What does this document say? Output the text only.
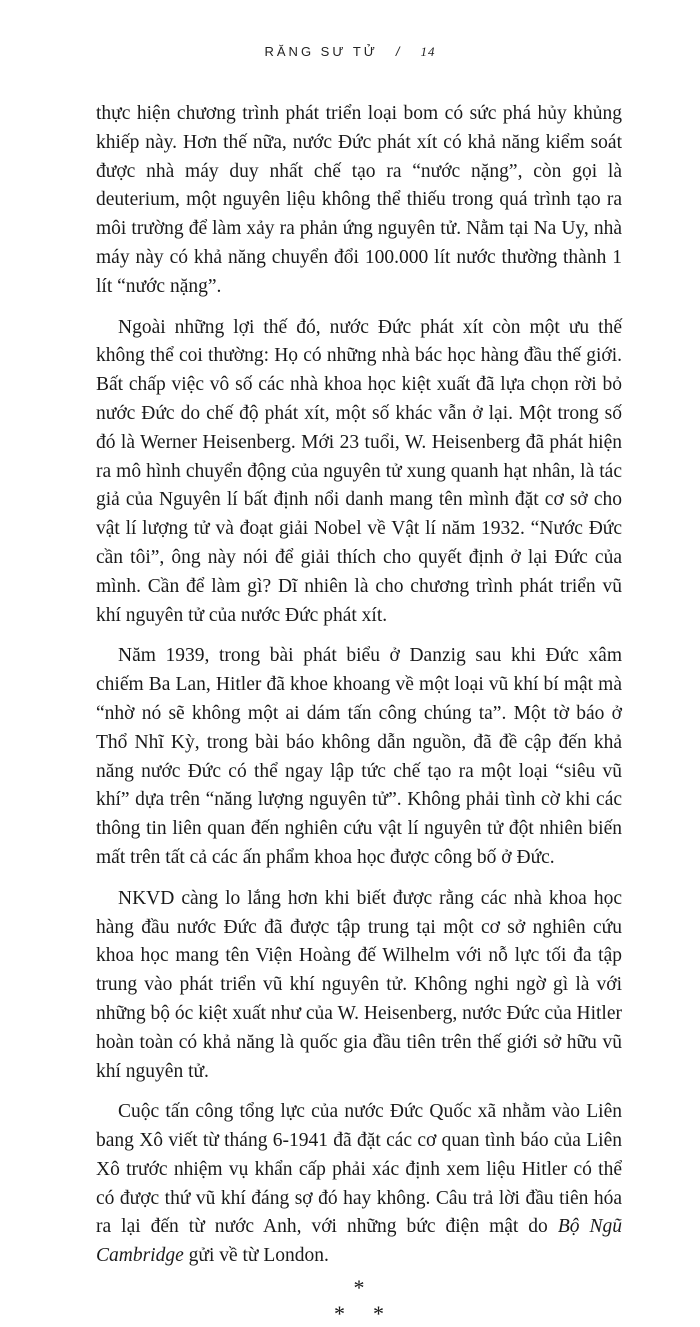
RĂNG SƯ TỬ / 14

thực hiện chương trình phát triển loại bom có sức phá hủy khủng khiếp này. Hơn thế nữa, nước Đức phát xít có khả năng kiểm soát được nhà máy duy nhất chế tạo ra “nước nặng”, còn gọi là deuterium, một nguyên liệu không thể thiếu trong quá trình tạo ra môi trường để làm xảy ra phản ứng nguyên tử. Nằm tại Na Uy, nhà máy này có khả năng chuyển đổi 100.000 lít nước thường thành 1 lít “nước nặng”.

Ngoài những lợi thế đó, nước Đức phát xít còn một ưu thế không thể coi thường: Họ có những nhà bác học hàng đầu thế giới. Bất chấp việc vô số các nhà khoa học kiệt xuất đã lựa chọn rời bỏ nước Đức do chế độ phát xít, một số khác vẫn ở lại. Một trong số đó là Werner Heisenberg. Mới 23 tuổi, W. Heisenberg đã phát hiện ra mô hình chuyển động của nguyên tử xung quanh hạt nhân, là tác giả của Nguyên lí bất định nổi danh mang tên mình đặt cơ sở cho vật lí lượng tử và đoạt giải Nobel về Vật lí năm 1932. “Nước Đức cần tôi”, ông này nói để giải thích cho quyết định ở lại Đức của mình. Cần để làm gì? Dĩ nhiên là cho chương trình phát triển vũ khí nguyên tử của nước Đức phát xít.

Năm 1939, trong bài phát biểu ở Danzig sau khi Đức xâm chiếm Ba Lan, Hitler đã khoe khoang về một loại vũ khí bí mật mà “nhờ nó sẽ không một ai dám tấn công chúng ta”. Một tờ báo ở Thổ Nhĩ Kỳ, trong bài báo không dẫn nguồn, đã đề cập đến khả năng nước Đức có thể ngay lập tức chế tạo ra một loại “siêu vũ khí” dựa trên “năng lượng nguyên tử”. Không phải tình cờ khi các thông tin liên quan đến nghiên cứu vật lí nguyên tử đột nhiên biến mất trên tất cả các ấn phẩm khoa học được công bố ở Đức.

NKVD càng lo lắng hơn khi biết được rằng các nhà khoa học hàng đầu nước Đức đã được tập trung tại một cơ sở nghiên cứu khoa học mang tên Viện Hoàng đế Wilhelm với nỗ lực tối đa tập trung vào phát triển vũ khí nguyên tử. Không nghi ngờ gì là với những bộ óc kiệt xuất như của W. Heisenberg, nước Đức của Hitler hoàn toàn có khả năng là quốc gia đầu tiên trên thế giới sở hữu vũ khí nguyên tử.

Cuộc tấn công tổng lực của nước Đức Quốc xã nhằm vào Liên bang Xô viết từ tháng 6-1941 đã đặt các cơ quan tình báo của Liên Xô trước nhiệm vụ khẩn cấp phải xác định xem liệu Hitler có thể có được thứ vũ khí đáng sợ đó hay không. Câu trả lời đầu tiên hóa ra lại đến từ nước Anh, với những bức điện mật do Bộ Ngũ Cambridge gửi về từ London.

*
* *
